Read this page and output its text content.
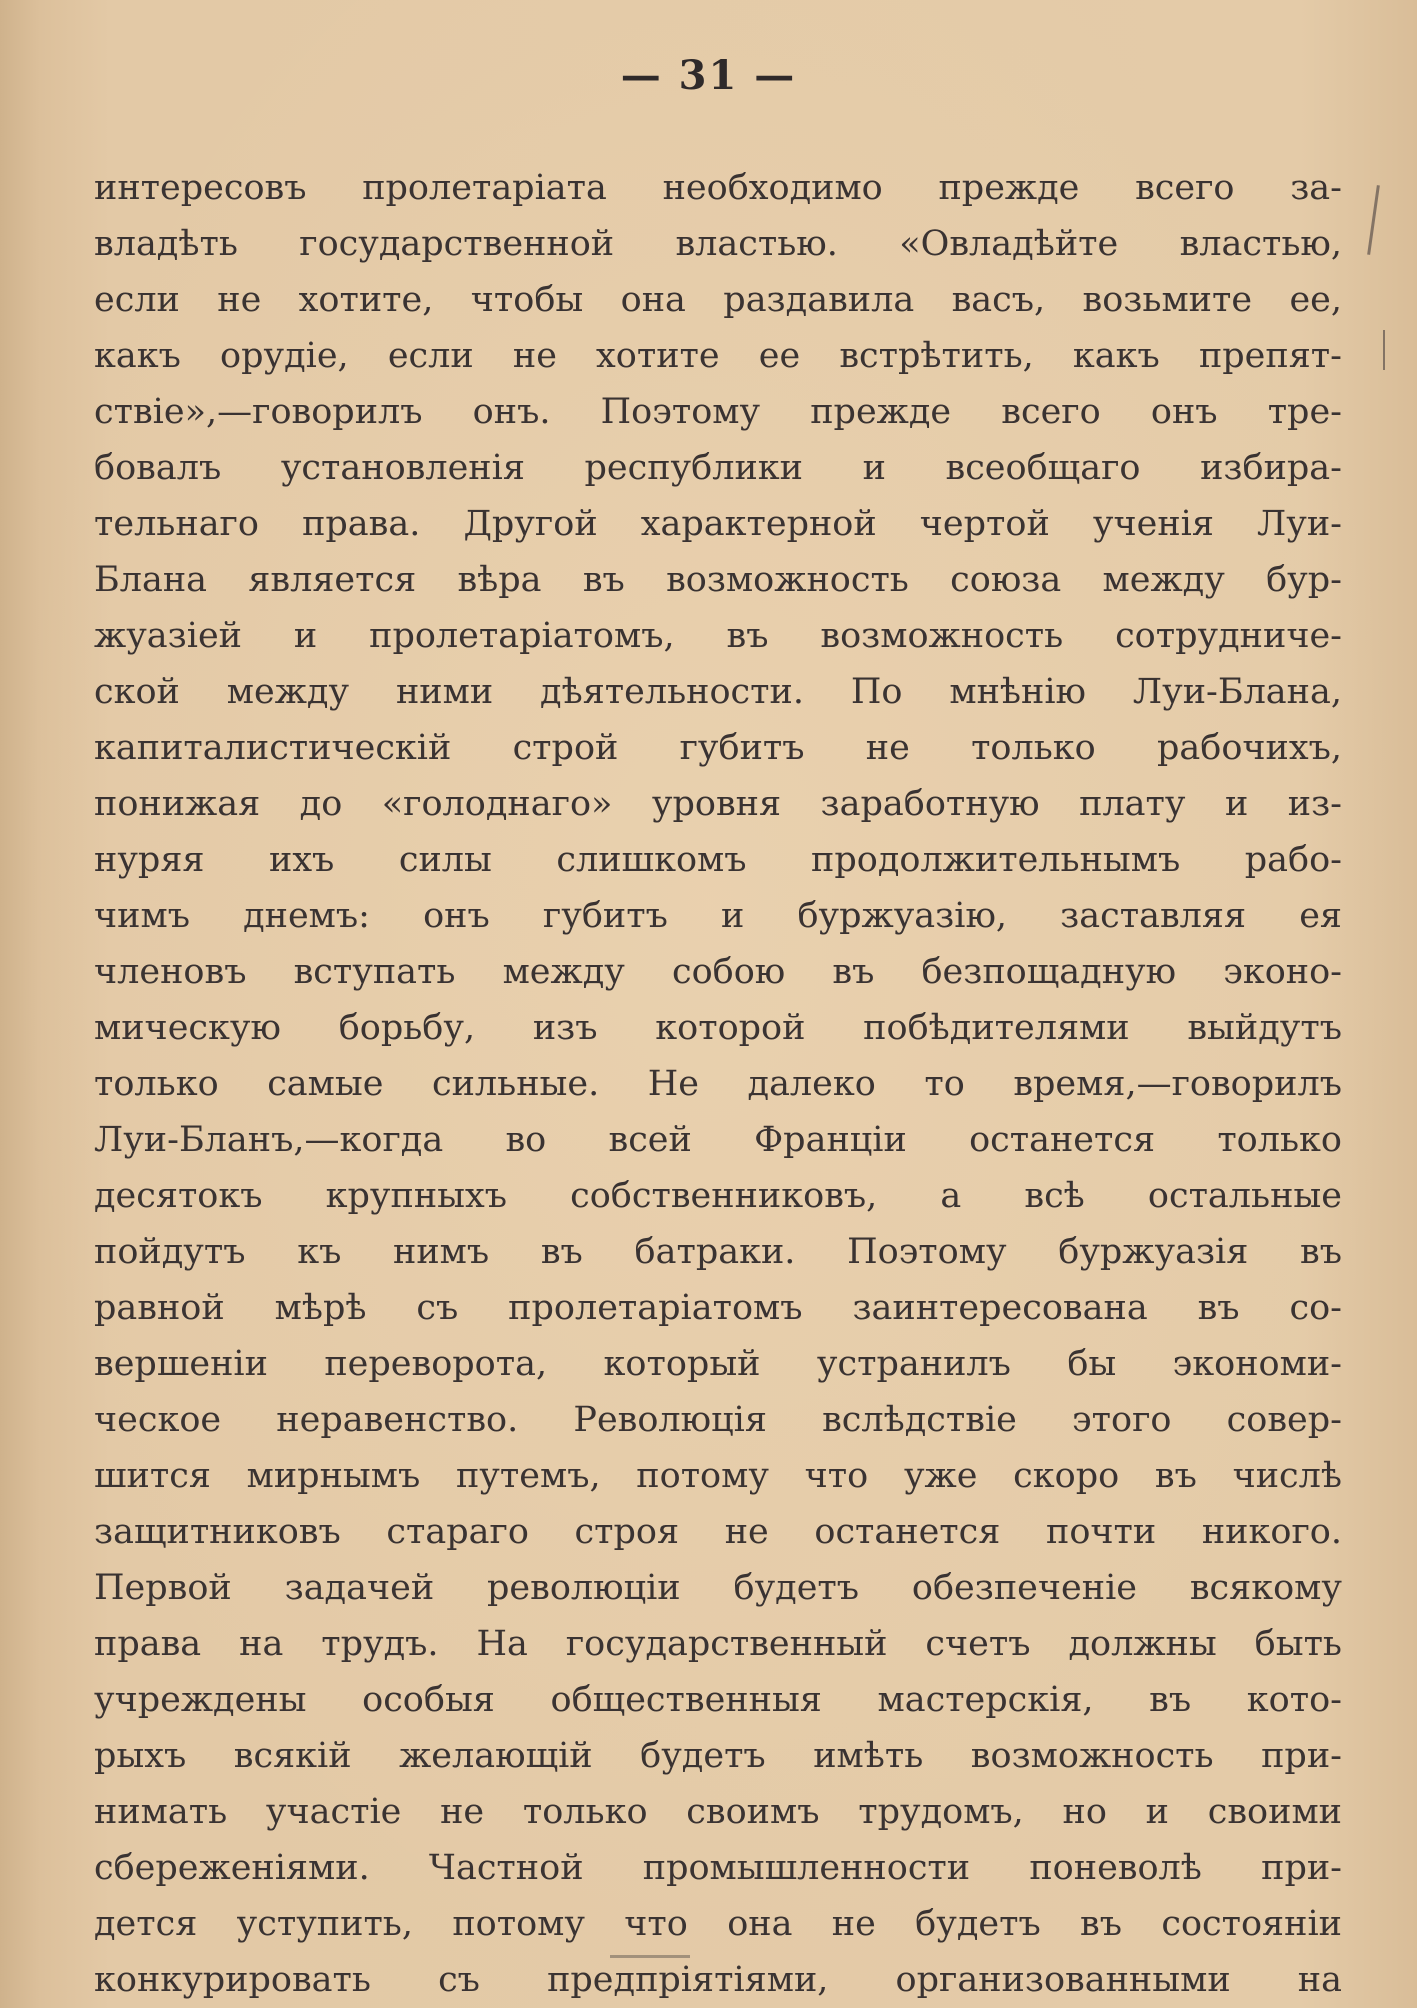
— 31 —
интересовъ пролетаріата необходимо прежде всего за-
владѣть государственной властью. «Овладѣйте властью,
если не хотите, чтобы она раздавила васъ, возьмите ее,
какъ орудіе, если не хотите ее встрѣтить, какъ препят-
ствіе»,—говорилъ онъ. Поэтому прежде всего онъ тре-
бовалъ установленія республики и всеобщаго избира-
тельнаго права. Другой характерной чертой ученія Луи-
Блана является вѣра въ возможность союза между бур-
жуазіей и пролетаріатомъ, въ возможность сотрудниче-
ской между ними дѣятельности. По мнѣнію Луи-Блана,
капиталистическій строй губитъ не только рабочихъ,
понижая до «голоднаго» уровня заработную плату и из-
нуряя ихъ силы слишкомъ продолжительнымъ рабо-
чимъ днемъ: онъ губитъ и буржуазію, заставляя ея
членовъ вступать между собою въ безпощадную эконо-
мическую борьбу, изъ которой побѣдителями выйдутъ
только самые сильные. Не далеко то время,—говорилъ
Луи-Бланъ,—когда во всей Франціи останется только
десятокъ крупныхъ собственниковъ, а всѣ остальные
пойдутъ къ нимъ въ батраки. Поэтому буржуазія въ
равной мѣрѣ съ пролетаріатомъ заинтересована въ со-
вершеніи переворота, который устранилъ бы экономи-
ческое неравенство. Революція вслѣдствіе этого совер-
шится мирнымъ путемъ, потому что уже скоро въ числѣ
защитниковъ стараго строя не останется почти никого.
Первой задачей революціи будетъ обезпеченіе всякому
права на трудъ. На государственный счетъ должны быть
учреждены особыя общественныя мастерскія, въ кото-
рыхъ всякій желающій будетъ имѣть возможность при-
нимать участіе не только своимъ трудомъ, но и своими
сбереженіями. Частной промышленности поневолѣ при-
дется уступить, потому что она не будетъ въ состояніи
конкурировать съ предпріятіями, организованными на
